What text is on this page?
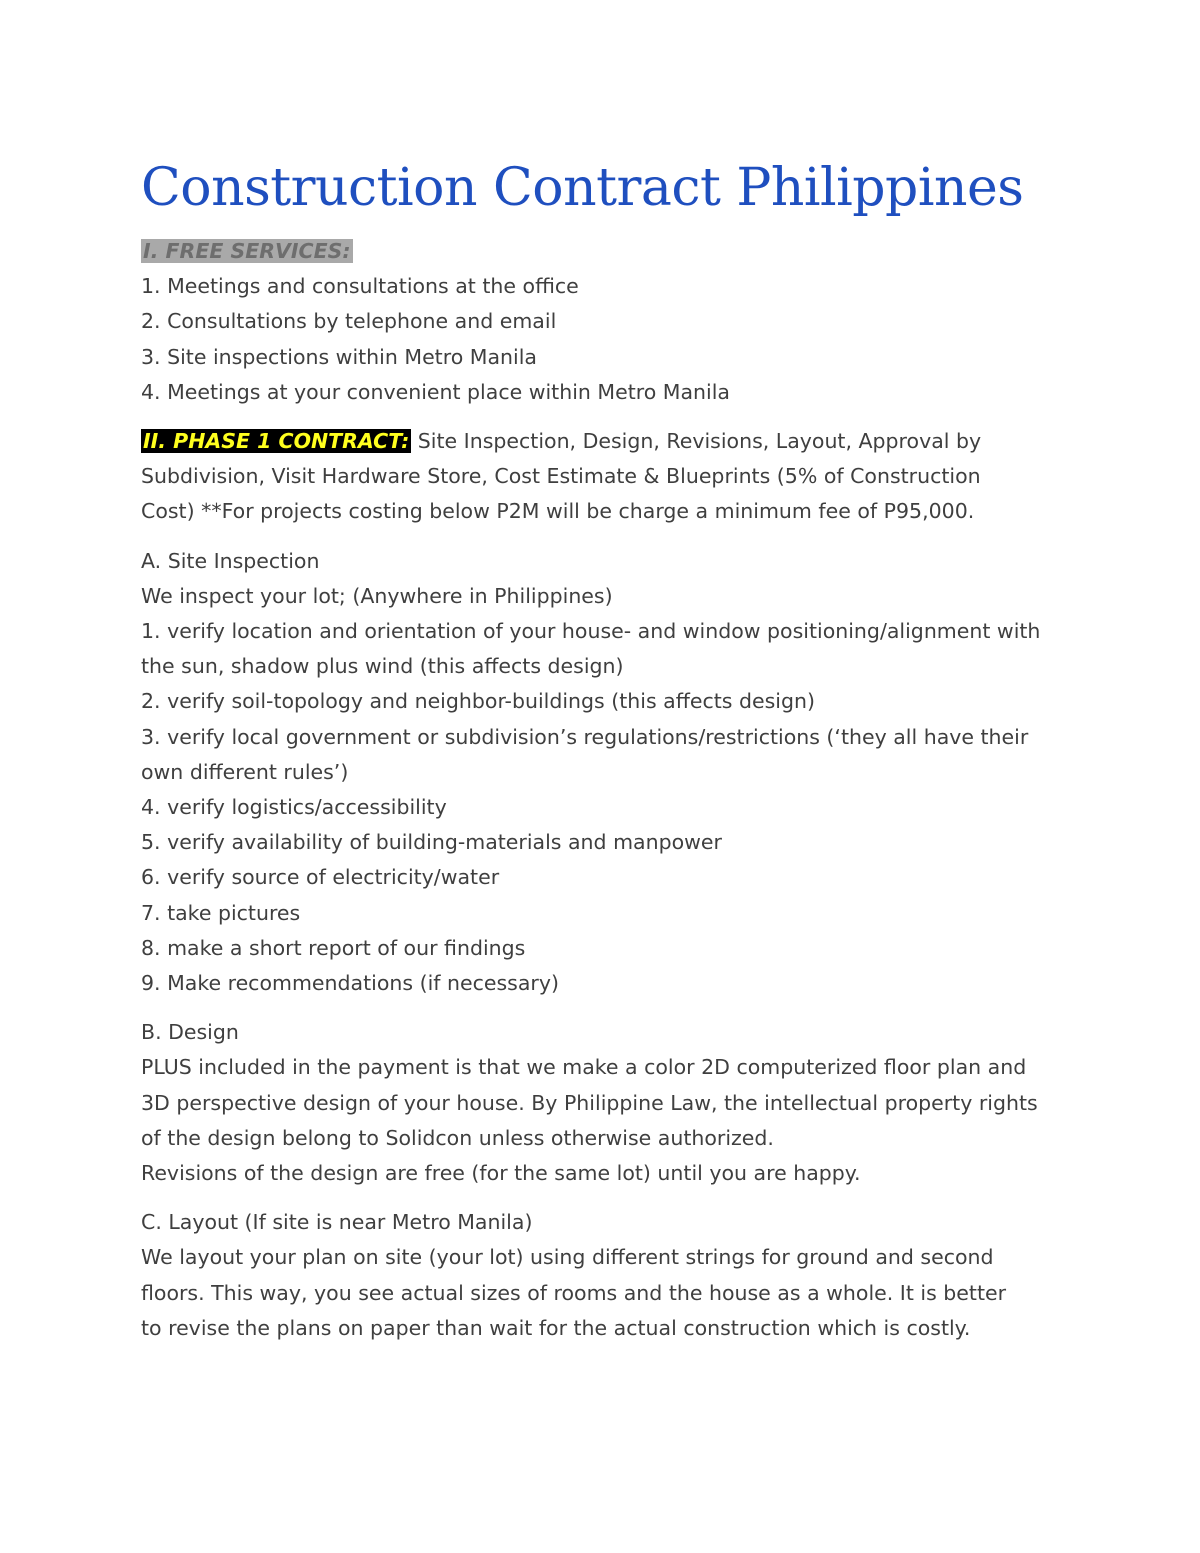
Construction Contract Philippines

I. FREE SERVICES:

1. Meetings and consultations at the office

2. Consultations by telephone and email

3. Site inspections within Metro Manila

4. Meetings at your convenient place within Metro Manila

II. PHASE 1 CONTRACT: Site Inspection, Design, Revisions, Layout, Approval by

Subdivision, Visit Hardware Store, Cost Estimate & Blueprints (5% of Construction

Cost) **For projects costing below P2M will be charge a minimum fee of P95,000.

A. Site Inspection

We inspect your lot; (Anywhere in Philippines)

1. verify location and orientation of your house- and window positioning/alignment with

the sun, shadow plus wind (this affects design)

2. verify soil-topology and neighbor-buildings (this affects design)

3. verify local government or subdivision’s regulations/restrictions (‘they all have their

own different rules’)

4. verify logistics/accessibility

5. verify availability of building-materials and manpower

6. verify source of electricity/water

7. take pictures

8. make a short report of our findings

9. Make recommendations (if necessary)

B. Design

PLUS included in the payment is that we make a color 2D computerized floor plan and

3D perspective design of your house. By Philippine Law, the intellectual property rights

of the design belong to Solidcon unless otherwise authorized.

Revisions of the design are free (for the same lot) until you are happy.

C. Layout (If site is near Metro Manila)

We layout your plan on site (your lot) using different strings for ground and second

floors. This way, you see actual sizes of rooms and the house as a whole. It is better

to revise the plans on paper than wait for the actual construction which is costly.
